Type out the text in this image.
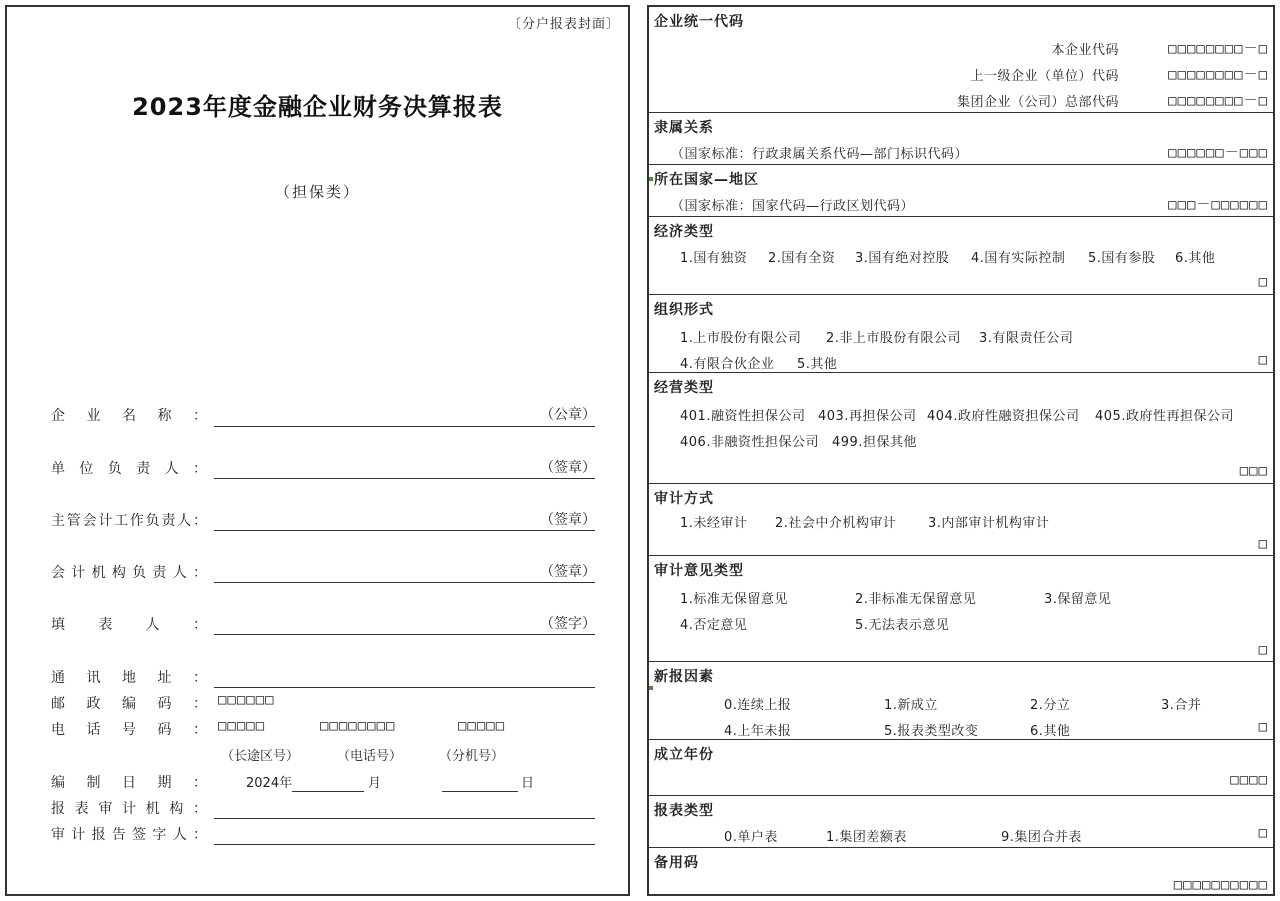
〔分户报表封面〕
2023年度金融企业财务决算报表
（担保类）
企业名称：	（公章）
单位负责人：	（签章）
主管会计工作负责人：	（签章）
会计机构负责人：	（签章）
填表人：	（签字）
通讯地址：
邮政编码： □□□□□□
电话号码： □□□□□	□□□□□□□□	□□□□□
（长途区号）	（电话号）	（分机号）
编制日期：	2024年	月	日
报表审计机构：
审计报告签字人：
企业统一代码
本企业代码	□□□□□□□□－□
上一级企业（单位）代码	□□□□□□□□－□
集团企业（公司）总部代码	□□□□□□□□－□
隶属关系
（国家标准：行政隶属关系代码—部门标识代码）	□□□□□□－□□□
所在国家—地区
（国家标准：国家代码—行政区划代码）	□□□－□□□□□□
经济类型
1.国有独资 2.国有全资 3.国有绝对控股 4.国有实际控制 5.国有参股 6.其他
□
组织形式
1.上市股份有限公司 2.非上市股份有限公司 3.有限责任公司
4.有限合伙企业 5.其他	□
经营类型
401.融资性担保公司 403.再担保公司 404.政府性融资担保公司 405.政府性再担保公司
406.非融资性担保公司 499.担保其他
□□□
审计方式
1.未经审计 2.社会中介机构审计 3.内部审计机构审计
□
审计意见类型
1.标准无保留意见	2.非标准无保留意见	3.保留意见
4.否定意见	5.无法表示意见
□
新报因素
0.连续上报	1.新成立	2.分立	3.合并
4.上年未报	5.报表类型改变	6.其他	□
成立年份
□□□□
报表类型
0.单户表	1.集团差额表	9.集团合并表	□
备用码
□□□□□□□□□□
